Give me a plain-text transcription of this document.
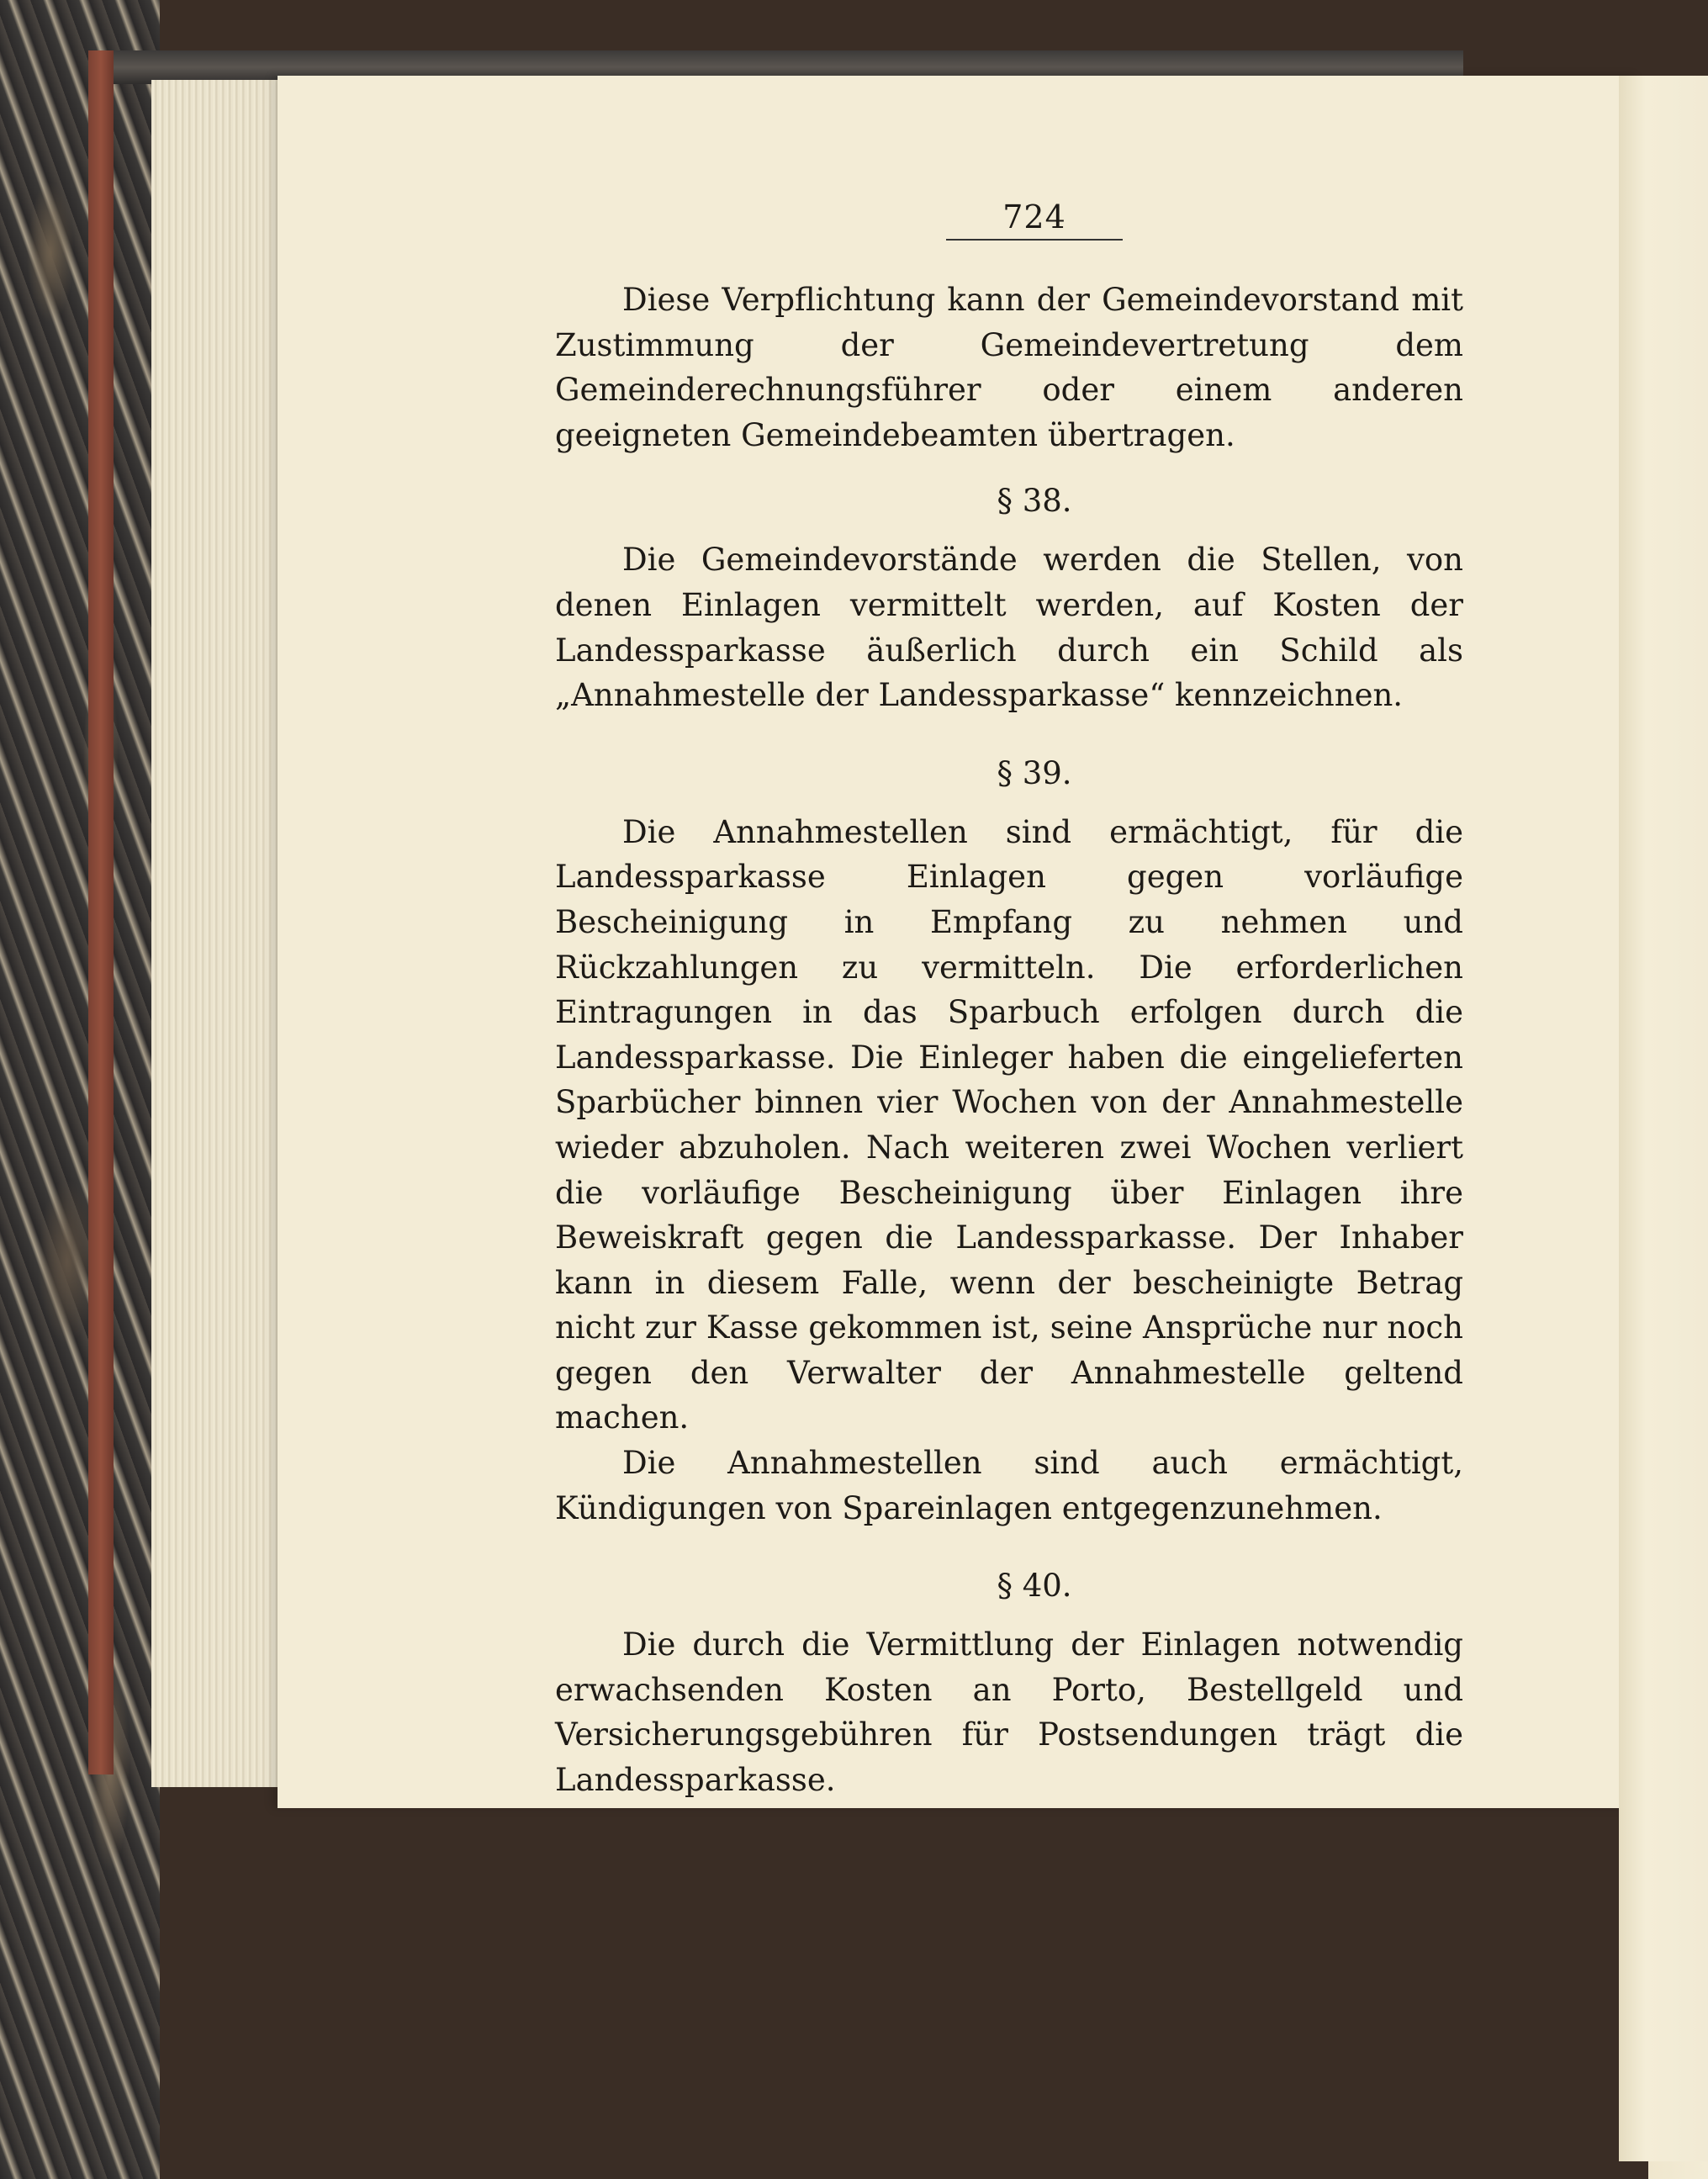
724

Diese Verpflichtung kann der Gemeindevorstand mit Zustimmung der Gemeindevertretung dem Gemeinderechnungsführer oder einem anderen geeigneten Gemeindebeamten übertragen.

§ 38.

Die Gemeindevorstände werden die Stellen, von denen Einlagen vermittelt werden, auf Kosten der Landessparkasse äußerlich durch ein Schild als „Annahmestelle der Landessparkasse“ kennzeichnen.

§ 39.

Die Annahmestellen sind ermächtigt, für die Landessparkasse Einlagen gegen vorläufige Bescheinigung in Empfang zu nehmen und Rückzahlungen zu vermitteln. Die erforderlichen Eintragungen in das Sparbuch erfolgen durch die Landessparkasse. Die Einleger haben die eingelieferten Sparbücher binnen vier Wochen von der Annahmestelle wieder abzuholen. Nach weiteren zwei Wochen verliert die vorläufige Bescheinigung über Einlagen ihre Beweiskraft gegen die Landessparkasse. Der Inhaber kann in diesem Falle, wenn der bescheinigte Betrag nicht zur Kasse gekommen ist, seine Ansprüche nur noch gegen den Verwalter der Annahmestelle geltend machen.

Die Annahmestellen sind auch ermächtigt, Kündigungen von Spareinlagen entgegenzunehmen.

§ 40.

Die durch die Vermittlung der Einlagen notwendig erwachsenden Kosten an Porto, Bestellgeld und Versicherungsgebühren für Postsendungen trägt die Landessparkasse.
